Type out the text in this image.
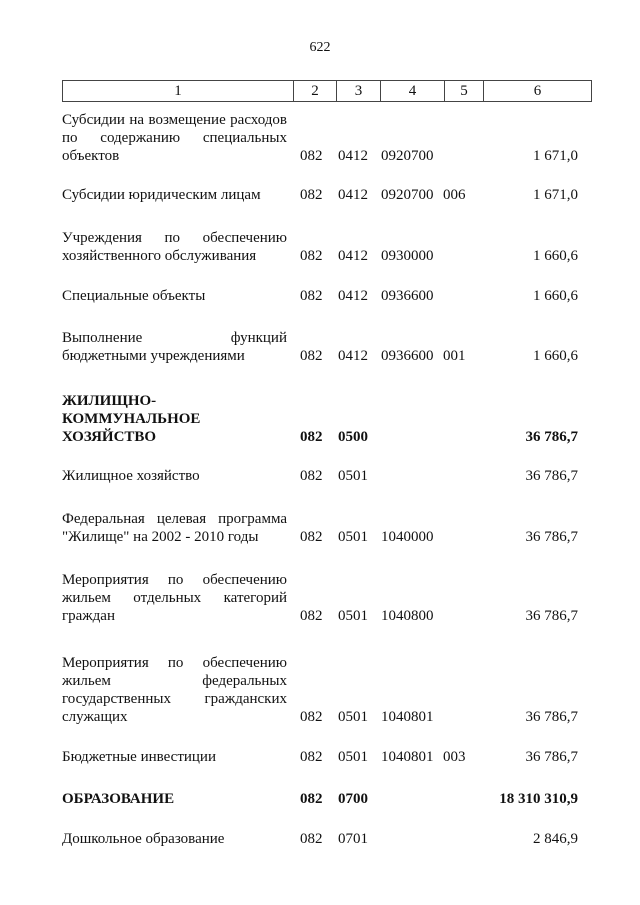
622
1	2	3	4	5	6
Субсидии на возмещение расходов по содержанию специальных объектов	082 0412 0920700	1 671,0
Субсидии юридическим лицам	082 0412 0920700 006	1 671,0
Учреждения по обеспечению хозяйственного обслуживания	082 0412 0930000	1 660,6
Специальные объекты	082 0412 0936600	1 660,6
Выполнение функций бюджетными учреждениями	082 0412 0936600 001	1 660,6
ЖИЛИЩНО-КОММУНАЛЬНОЕ ХОЗЯЙСТВО	082 0500	36 786,7
Жилищное хозяйство	082 0501	36 786,7
Федеральная целевая программа "Жилище" на 2002 - 2010 годы	082 0501 1040000	36 786,7
Мероприятия по обеспечению жильем отдельных категорий граждан	082 0501 1040800	36 786,7
Мероприятия по обеспечению жильем федеральных государственных гражданских служащих	082 0501 1040801	36 786,7
Бюджетные инвестиции	082 0501 1040801 003	36 786,7
ОБРАЗОВАНИЕ	082 0700	18 310 310,9
Дошкольное образование	082 0701	2 846,9
